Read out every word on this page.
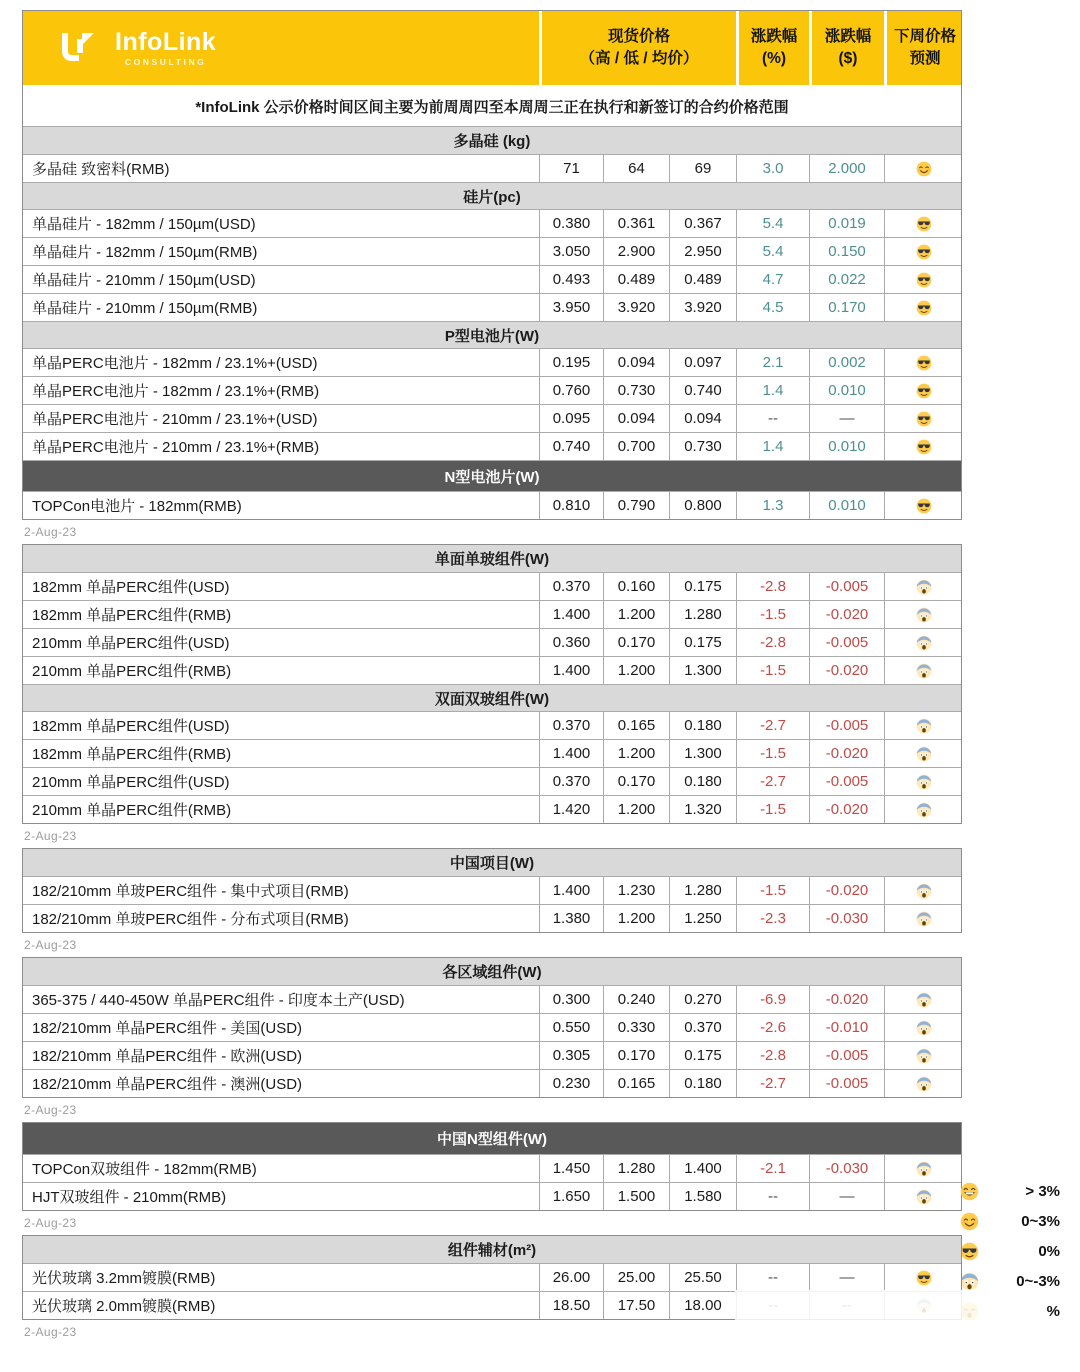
InfoLink
CONSULTING
现货价格
（高 / 低 / 均价）
涨跌幅
(%)
涨跌幅
($)
下周价格
预测
*InfoLink 公示价格时间区间主要为前周周四至本周周三正在执行和新签订的合约价格范围
多晶硅 (kg)
多晶硅 致密料(RMB)	71	64	69	3.0	2.000
硅片(pc)
单晶硅片 - 182mm / 150µm(USD)	0.380	0.361	0.367	5.4	0.019
单晶硅片 - 182mm / 150µm(RMB)	3.050	2.900	2.950	5.4	0.150
单晶硅片 - 210mm / 150µm(USD)	0.493	0.489	0.489	4.7	0.022
单晶硅片 - 210mm / 150µm(RMB)	3.950	3.920	3.920	4.5	0.170
P型电池片(W)
单晶PERC电池片 - 182mm / 23.1%+(USD)	0.195	0.094	0.097	2.1	0.002
单晶PERC电池片 - 182mm / 23.1%+(RMB)	0.760	0.730	0.740	1.4	0.010
单晶PERC电池片 - 210mm / 23.1%+(USD)	0.095	0.094	0.094	--	—
单晶PERC电池片 - 210mm / 23.1%+(RMB)	0.740	0.700	0.730	1.4	0.010
N型电池片(W)
TOPCon电池片 - 182mm(RMB)	0.810	0.790	0.800	1.3	0.010
2-Aug-23
单面单玻组件(W)
182mm 单晶PERC组件(USD)	0.370	0.160	0.175	-2.8	-0.005
182mm 单晶PERC组件(RMB)	1.400	1.200	1.280	-1.5	-0.020
210mm 单晶PERC组件(USD)	0.360	0.170	0.175	-2.8	-0.005
210mm 单晶PERC组件(RMB)	1.400	1.200	1.300	-1.5	-0.020
双面双玻组件(W)
182mm 单晶PERC组件(USD)	0.370	0.165	0.180	-2.7	-0.005
182mm 单晶PERC组件(RMB)	1.400	1.200	1.300	-1.5	-0.020
210mm 单晶PERC组件(USD)	0.370	0.170	0.180	-2.7	-0.005
210mm 单晶PERC组件(RMB)	1.420	1.200	1.320	-1.5	-0.020
2-Aug-23
中国项目(W)
182/210mm 单玻PERC组件 - 集中式项目(RMB)	1.400	1.230	1.280	-1.5	-0.020
182/210mm 单玻PERC组件 - 分布式项目(RMB)	1.380	1.200	1.250	-2.3	-0.030
2-Aug-23
各区域组件(W)
365-375 / 440-450W 单晶PERC组件 - 印度本土产(USD)	0.300	0.240	0.270	-6.9	-0.020
182/210mm 单晶PERC组件 - 美国(USD)	0.550	0.330	0.370	-2.6	-0.010
182/210mm 单晶PERC组件 - 欧洲(USD)	0.305	0.170	0.175	-2.8	-0.005
182/210mm 单晶PERC组件 - 澳洲(USD)	0.230	0.165	0.180	-2.7	-0.005
2-Aug-23
中国N型组件(W)
TOPCon双玻组件 - 182mm(RMB)	1.450	1.280	1.400	-2.1	-0.030
HJT双玻组件 - 210mm(RMB)	1.650	1.500	1.580	--	—	> 3%
0~3%
0%
0~-3%
%
2-Aug-23
组件辅材(m²)
光伏玻璃 3.2mm镀膜(RMB)	26.00	25.00	25.50	--	—
光伏玻璃 2.0mm镀膜(RMB)	18.50	17.50	18.00
2-Aug-23
